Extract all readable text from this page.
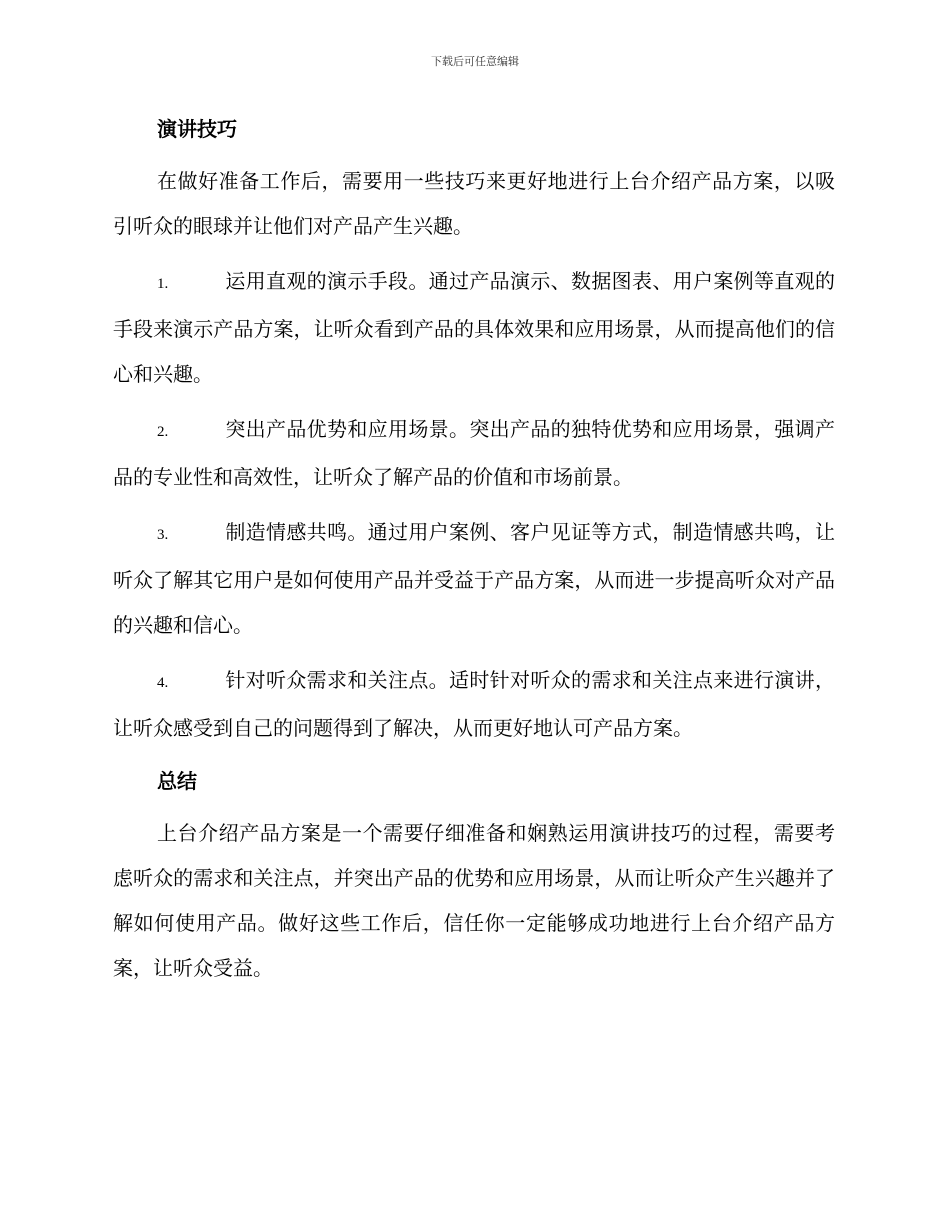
下载后可任意编辑
演讲技巧

在做好准备工作后，需要用一些技巧来更好地进行上台介绍产品方案，以吸引听众的眼球并让他们对产品产生兴趣。

1.	运用直观的演示手段。通过产品演示、数据图表、用户案例等直观的手段来演示产品方案，让听众看到产品的具体效果和应用场景，从而提高他们的信心和兴趣。

2.	突出产品优势和应用场景。突出产品的独特优势和应用场景，强调产品的专业性和高效性，让听众了解产品的价值和市场前景。

3.	制造情感共鸣。通过用户案例、客户见证等方式，制造情感共鸣，让听众了解其它用户是如何使用产品并受益于产品方案，从而进一步提高听众对产品的兴趣和信心。

4.	针对听众需求和关注点。适时针对听众的需求和关注点来进行演讲，让听众感受到自己的问题得到了解决，从而更好地认可产品方案。

总结

上台介绍产品方案是一个需要仔细准备和娴熟运用演讲技巧的过程，需要考虑听众的需求和关注点，并突出产品的优势和应用场景，从而让听众产生兴趣并了解如何使用产品。做好这些工作后，信任你一定能够成功地进行上台介绍产品方案，让听众受益。
